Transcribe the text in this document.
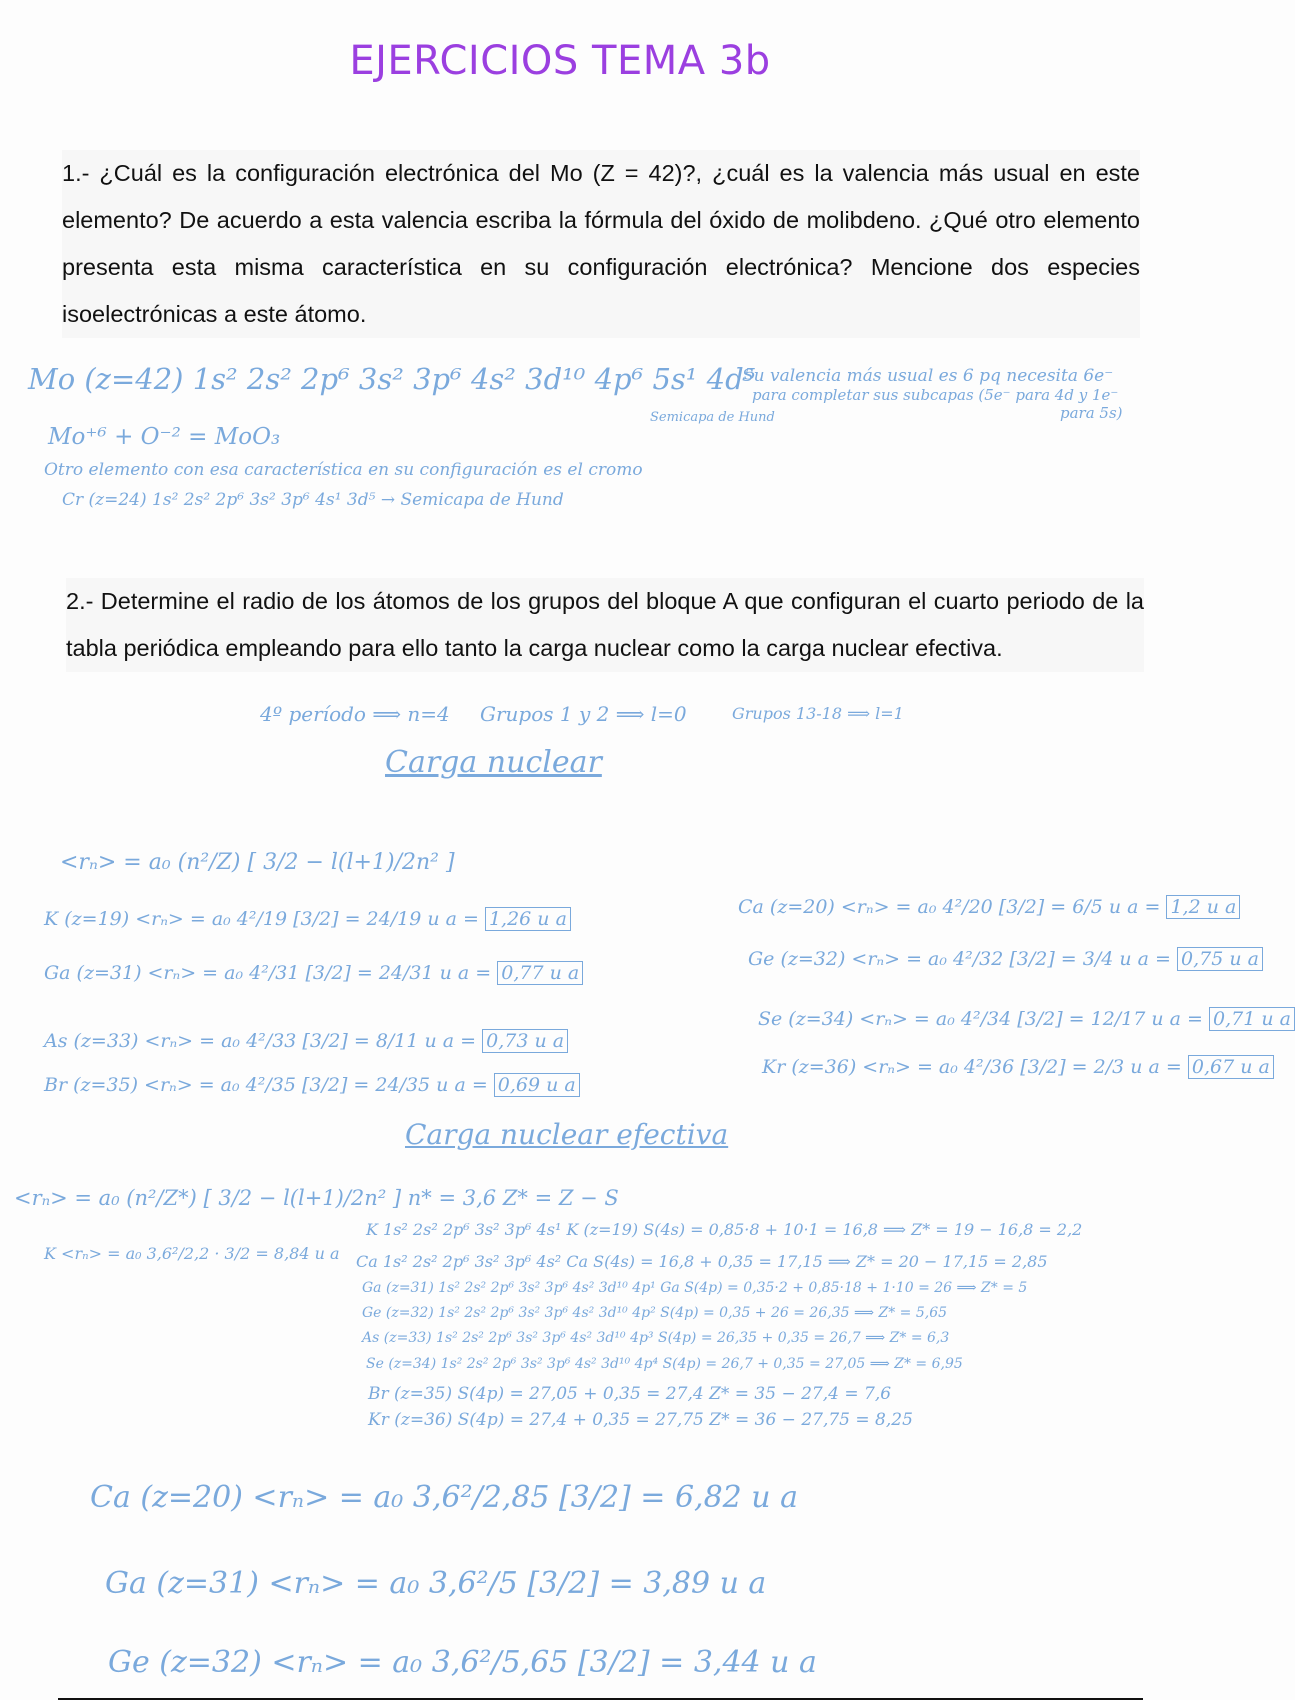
EJERCICIOS TEMA 3b
1.- ¿Cuál es la configuración electrónica del Mo (Z = 42)?, ¿cuál es la valencia más usual en este elemento? De acuerdo a esta valencia escriba la fórmula del óxido de molibdeno. ¿Qué otro elemento presenta esta misma característica en su configuración electrónica? Mencione dos especies isoelectrónicas a este átomo.
Mo (z=42) 1s² 2s² 2p⁶ 3s² 3p⁶ 4s² 3d¹⁰ 4p⁶ 5s¹ 4d⁵
Semicapa de Hund
Su valencia más usual es 6 pq necesita 6e⁻
para completar sus subcapas (5e⁻ para 4d y 1e⁻
para 5s)
Mo⁺⁶ + O⁻² = MoO₃
Otro elemento con esa característica en su configuración es el cromo
Cr (z=24) 1s² 2s² 2p⁶ 3s² 3p⁶ 4s¹ 3d⁵ → Semicapa de Hund
2.- Determine el radio de los átomos de los grupos del bloque A que configuran el cuarto periodo de la tabla periódica empleando para ello tanto la carga nuclear como la carga nuclear efectiva.
4º período ⟹ n=4 Grupos 1 y 2 ⟹ l=0	Grupos 13-18 ⟹ l=1
Carga nuclear
<rₙ> = a₀ (n²/Z) [ 3/2 − l(l+1)/2n² ]
K (z=19) <rₙ> = a₀ 4²/19 [3/2] = 24/19 u a = 1,26 u a
Ga (z=31) <rₙ> = a₀ 4²/31 [3/2] = 24/31 u a = 0,77 u a
As (z=33) <rₙ> = a₀ 4²/33 [3/2] = 8/11 u a = 0,73 u a
Br (z=35) <rₙ> = a₀ 4²/35 [3/2] = 24/35 u a = 0,69 u a
Ca (z=20) <rₙ> = a₀ 4²/20 [3/2] = 6/5 u a = 1,2 u a
Ge (z=32) <rₙ> = a₀ 4²/32 [3/2] = 3/4 u a = 0,75 u a
Se (z=34) <rₙ> = a₀ 4²/34 [3/2] = 12/17 u a = 0,71 u a
Kr (z=36) <rₙ> = a₀ 4²/36 [3/2] = 2/3 u a = 0,67 u a
Carga nuclear efectiva
<rₙ> = a₀ (n²/Z*) [ 3/2 − l(l+1)/2n² ] n* = 3,6 Z* = Z − S
K <rₙ> = a₀ 3,6²/2,2 · 3/2 = 8,84 u a
K 1s² 2s² 2p⁶ 3s² 3p⁶ 4s¹ K (z=19) S(4s) = 0,85·8 + 10·1 = 16,8 ⟹ Z* = 19 − 16,8 = 2,2
Ca 1s² 2s² 2p⁶ 3s² 3p⁶ 4s² Ca S(4s) = 16,8 + 0,35 = 17,15 ⟹ Z* = 20 − 17,15 = 2,85
Ga (z=31) 1s² 2s² 2p⁶ 3s² 3p⁶ 4s² 3d¹⁰ 4p¹ Ga S(4p) = 0,35·2 + 0,85·18 + 1·10 = 26 ⟹ Z* = 5
Ge (z=32) 1s² 2s² 2p⁶ 3s² 3p⁶ 4s² 3d¹⁰ 4p² S(4p) = 0,35 + 26 = 26,35 ⟹ Z* = 5,65
As (z=33) 1s² 2s² 2p⁶ 3s² 3p⁶ 4s² 3d¹⁰ 4p³ S(4p) = 26,35 + 0,35 = 26,7 ⟹ Z* = 6,3
Se (z=34) 1s² 2s² 2p⁶ 3s² 3p⁶ 4s² 3d¹⁰ 4p⁴ S(4p) = 26,7 + 0,35 = 27,05 ⟹ Z* = 6,95
Br (z=35) S(4p) = 27,05 + 0,35 = 27,4 Z* = 35 − 27,4 = 7,6
Kr (z=36) S(4p) = 27,4 + 0,35 = 27,75 Z* = 36 − 27,75 = 8,25
Ca (z=20) <rₙ> = a₀ 3,6²/2,85 [3/2] = 6,82 u a
Ga (z=31) <rₙ> = a₀ 3,6²/5 [3/2] = 3,89 u a
Ge (z=32) <rₙ> = a₀ 3,6²/5,65 [3/2] = 3,44 u a
